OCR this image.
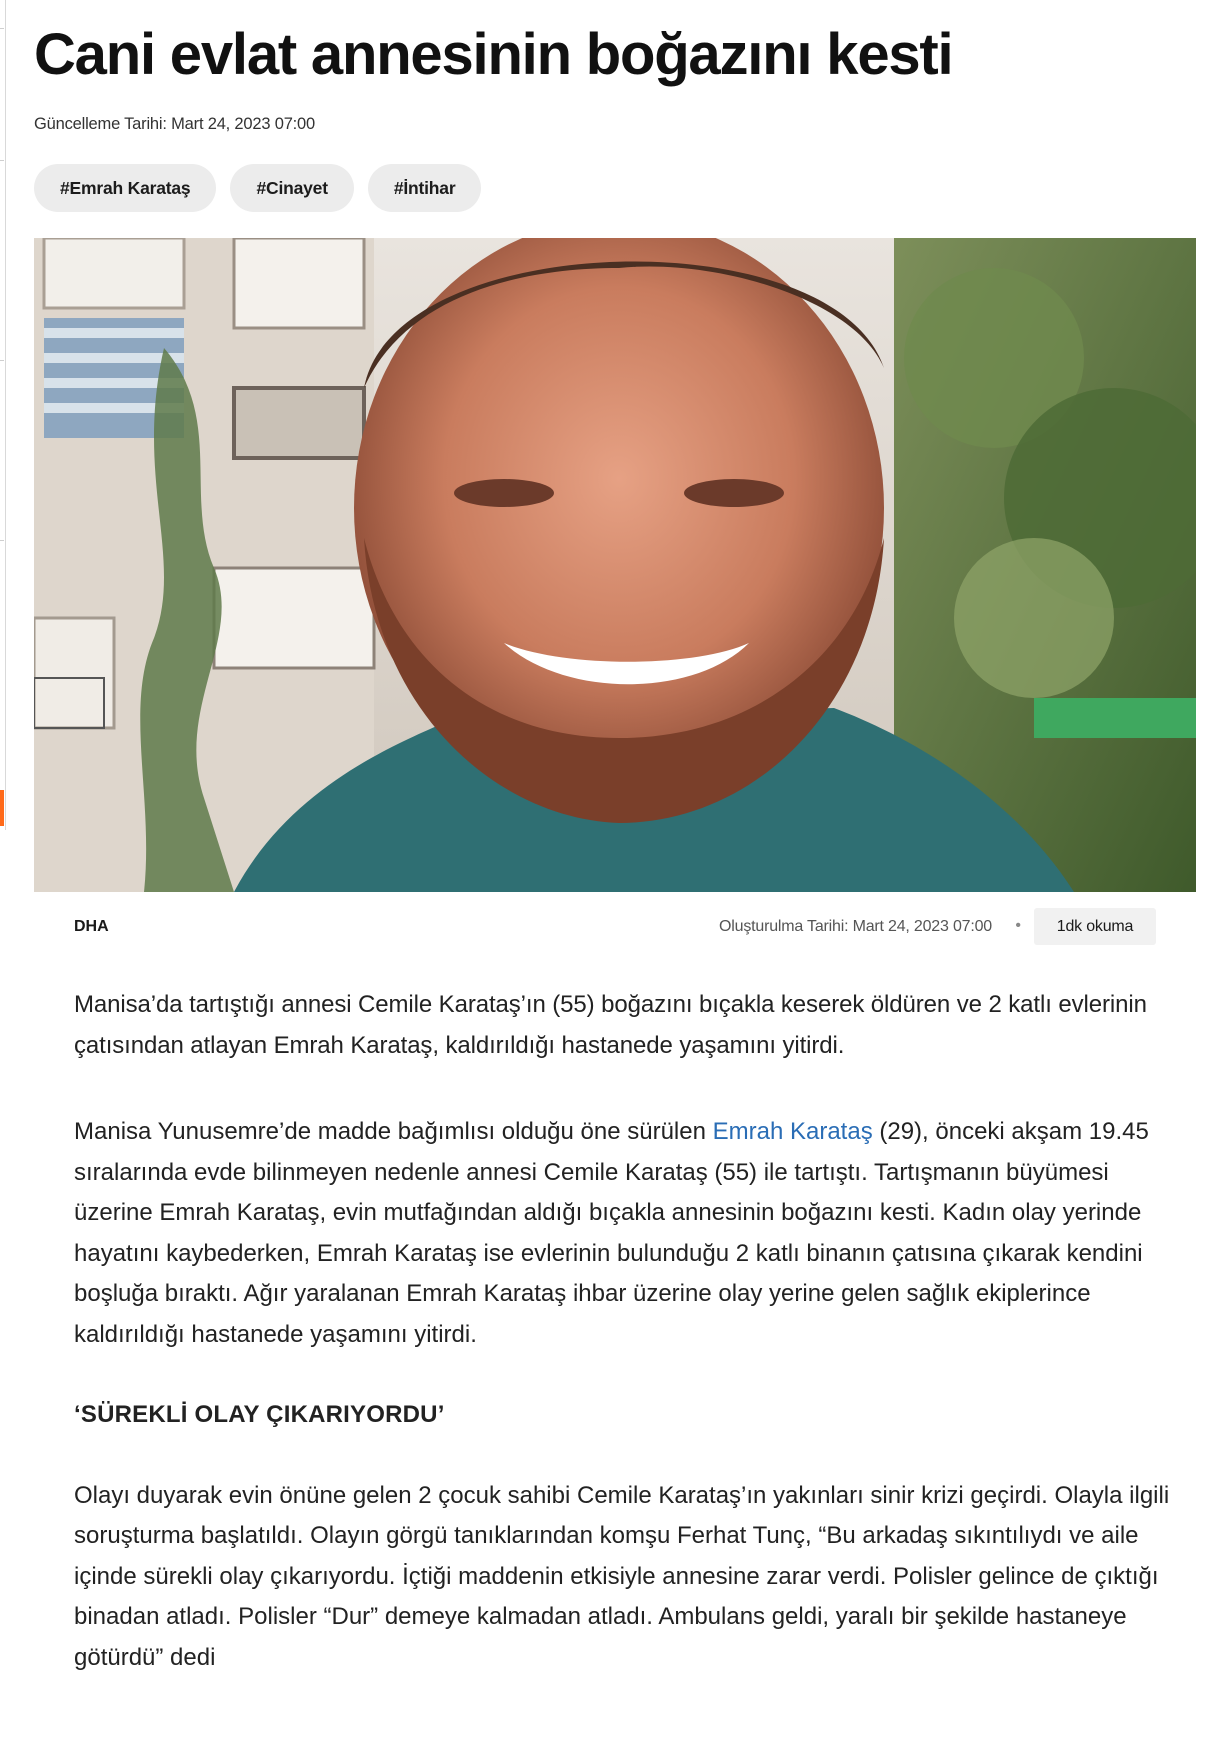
Cani evlat annesinin boğazını kesti
Güncelleme Tarihi: Mart 24, 2023 07:00
#Emrah Karataş	#Cinayet	#İntihar
DHA	Oluşturulma Tarihi: Mart 24, 2023 07:00 •	1dk okuma

Manisa’da tartıştığı annesi Cemile Karataş’ın (55) boğazını bıçakla keserek öldüren ve 2 katlı evlerinin çatısından atlayan Emrah Karataş, kaldırıldığı hastanede yaşamını yitirdi.

Manisa Yunusemre’de madde bağımlısı olduğu öne sürülen Emrah Karataş (29), önceki akşam 19.45 sıralarında evde bilinmeyen nedenle annesi Cemile Karataş (55) ile tartıştı. Tartışmanın büyümesi üzerine Emrah Karataş, evin mutfağından aldığı bıçakla annesinin boğazını kesti. Kadın olay yerinde hayatını kaybederken, Emrah Karataş ise evlerinin bulunduğu 2 katlı binanın çatısına çıkarak kendini boşluğa bıraktı. Ağır yaralanan Emrah Karataş ihbar üzerine olay yerine gelen sağlık ekiplerince kaldırıldığı hastanede yaşamını yitirdi.

‘SÜREKLİ OLAY ÇIKARIYORDU’

Olayı duyarak evin önüne gelen 2 çocuk sahibi Cemile Karataş’ın yakınları sinir krizi geçirdi. Olayla ilgili soruşturma başlatıldı. Olayın görgü tanıklarından komşu Ferhat Tunç, “Bu arkadaş sıkıntılıydı ve aile içinde sürekli olay çıkarıyordu. İçtiği maddenin etkisiyle annesine zarar verdi. Polisler gelince de çıktığı binadan atladı. Polisler “Dur” demeye kalmadan atladı. Ambulans geldi, yaralı bir şekilde hastaneye götürdü” dedi
